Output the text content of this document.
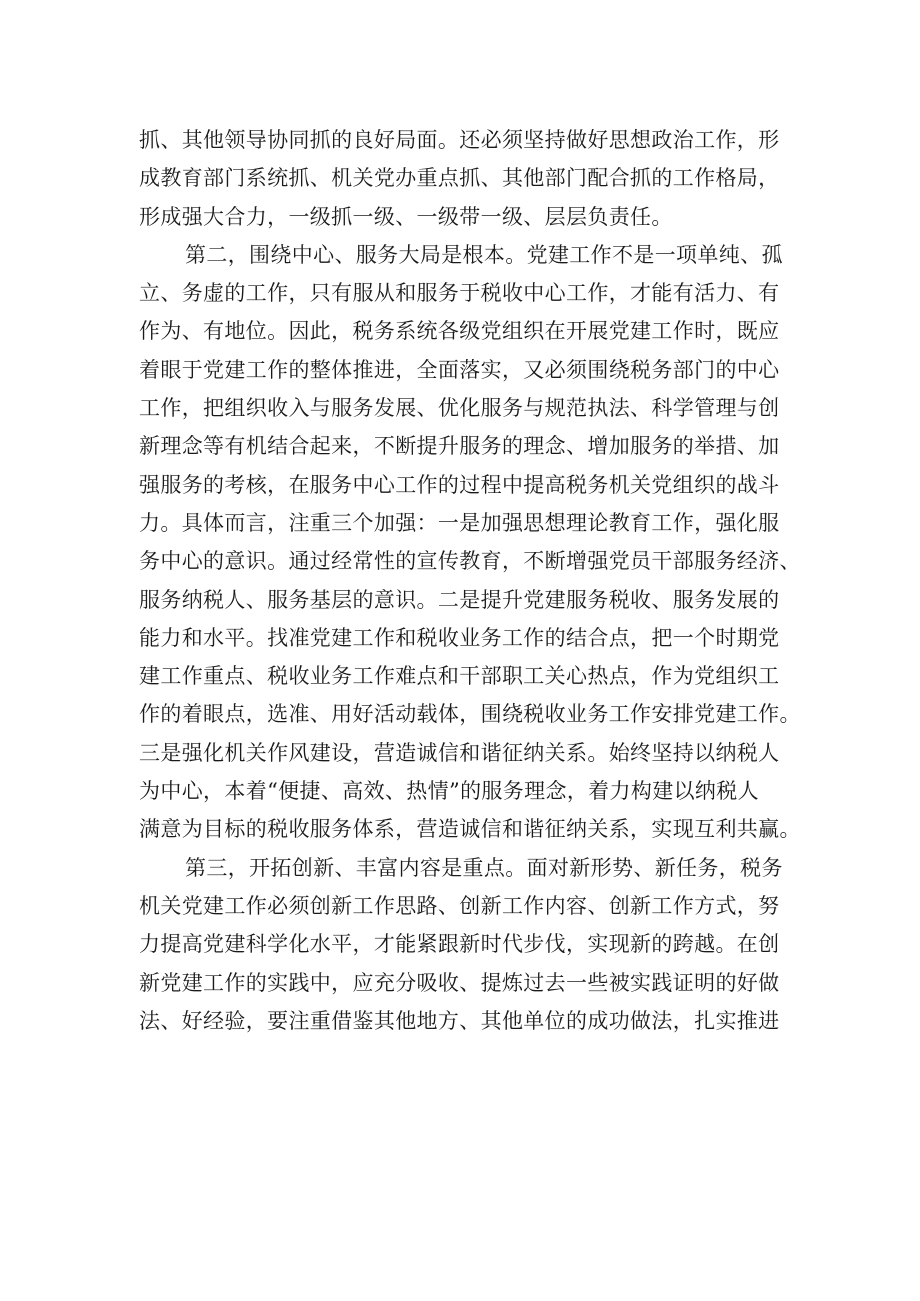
抓、其他领导协同抓的良好局面。还必须坚持做好思想政治工作，形
成教育部门系统抓、机关党办重点抓、其他部门配合抓的工作格局，
形成强大合力，一级抓一级、一级带一级、层层负责任。
第二，围绕中心、服务大局是根本。党建工作不是一项单纯、孤
立、务虚的工作，只有服从和服务于税收中心工作，才能有活力、有
作为、有地位。因此，税务系统各级党组织在开展党建工作时，既应
着眼于党建工作的整体推进，全面落实，又必须围绕税务部门的中心
工作，把组织收入与服务发展、优化服务与规范执法、科学管理与创
新理念等有机结合起来，不断提升服务的理念、增加服务的举措、加
强服务的考核，在服务中心工作的过程中提高税务机关党组织的战斗
力。具体而言，注重三个加强：一是加强思想理论教育工作，强化服
务中心的意识。通过经常性的宣传教育，不断增强党员干部服务经济、
服务纳税人、服务基层的意识。二是提升党建服务税收、服务发展的
能力和水平。找准党建工作和税收业务工作的结合点，把一个时期党
建工作重点、税收业务工作难点和干部职工关心热点，作为党组织工
作的着眼点，选准、用好活动载体，围绕税收业务工作安排党建工作。
三是强化机关作风建设，营造诚信和谐征纳关系。始终坚持以纳税人
为中心，本着“便捷、高效、热情”的服务理念，着力构建以纳税人
满意为目标的税收服务体系，营造诚信和谐征纳关系，实现互利共赢。
第三，开拓创新、丰富内容是重点。面对新形势、新任务，税务
机关党建工作必须创新工作思路、创新工作内容、创新工作方式，努
力提高党建科学化水平，才能紧跟新时代步伐，实现新的跨越。在创
新党建工作的实践中，应充分吸收、提炼过去一些被实践证明的好做
法、好经验，要注重借鉴其他地方、其他单位的成功做法，扎实推进
